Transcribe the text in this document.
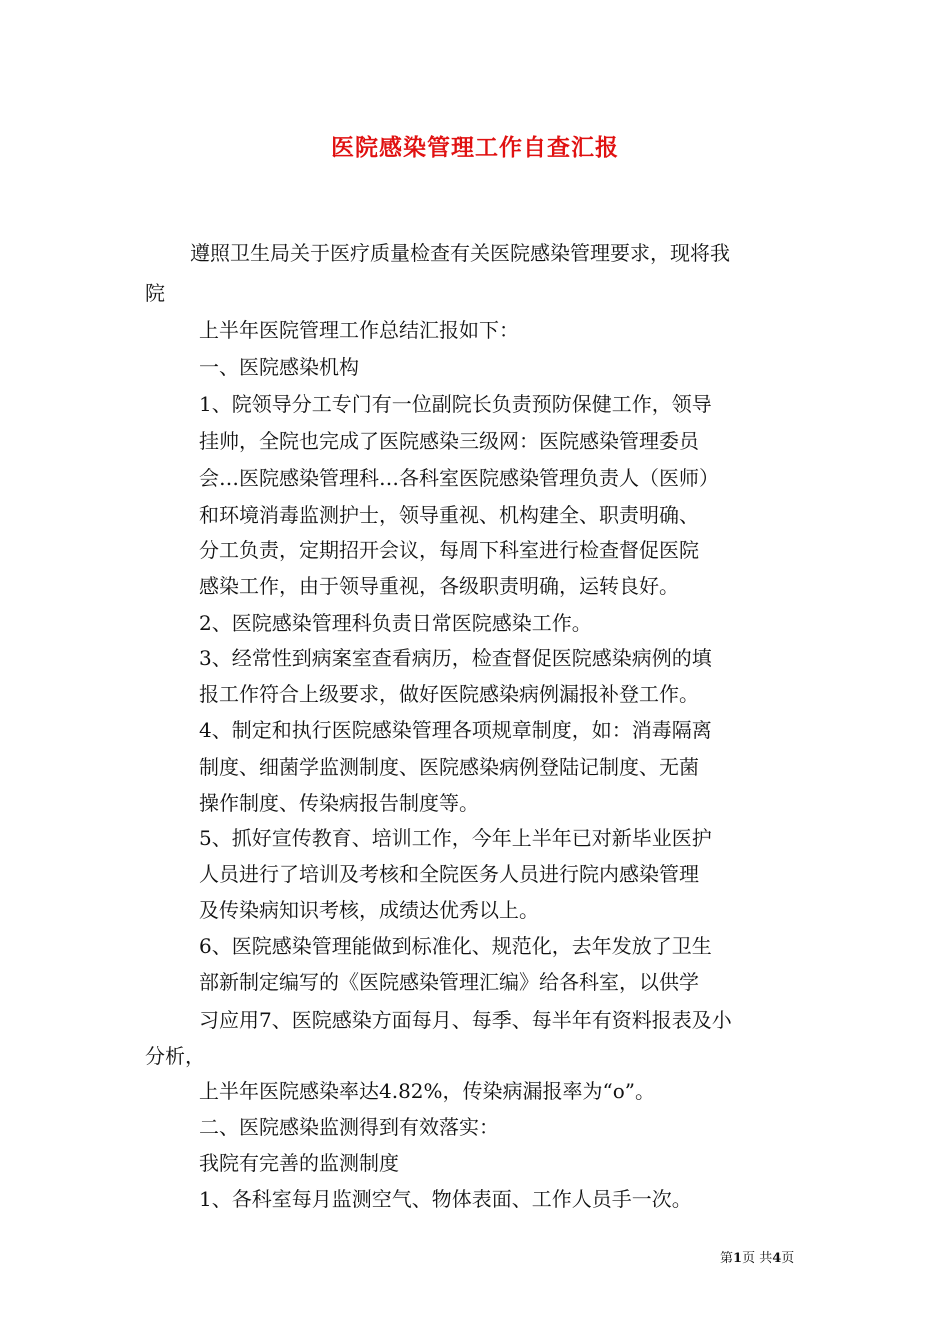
医院感染管理工作自查汇报
遵照卫生局关于医疗质量检查有关医院感染管理要求，现将我
院
上半年医院管理工作总结汇报如下：
一、医院感染机构
1、院领导分工专门有一位副院长负责预防保健工作，领导
挂帅，全院也完成了医院感染三级网：医院感染管理委员
会…医院感染管理科…各科室医院感染管理负责人（医师）
和环境消毒监测护士，领导重视、机构建全、职责明确、
分工负责，定期招开会议，每周下科室进行检查督促医院
感染工作，由于领导重视，各级职责明确，运转良好。
2、医院感染管理科负责日常医院感染工作。
3、经常性到病案室查看病历，检查督促医院感染病例的填
报工作符合上级要求，做好医院感染病例漏报补登工作。
4、制定和执行医院感染管理各项规章制度，如：消毒隔离
制度、细菌学监测制度、医院感染病例登陆记制度、无菌
操作制度、传染病报告制度等。
5、抓好宣传教育、培训工作，今年上半年已对新毕业医护
人员进行了培训及考核和全院医务人员进行院内感染管理
及传染病知识考核，成绩达优秀以上。
6、医院感染管理能做到标准化、规范化，去年发放了卫生
部新制定编写的《医院感染管理汇编》给各科室，以供学
习应用7、医院感染方面每月、每季、每半年有资料报表及小
分析，
上半年医院感染率达4.82%，传染病漏报率为“o”。
二、医院感染监测得到有效落实：
我院有完善的监测制度
1、各科室每月监测空气、物体表面、工作人员手一次。
第1页 共4页
